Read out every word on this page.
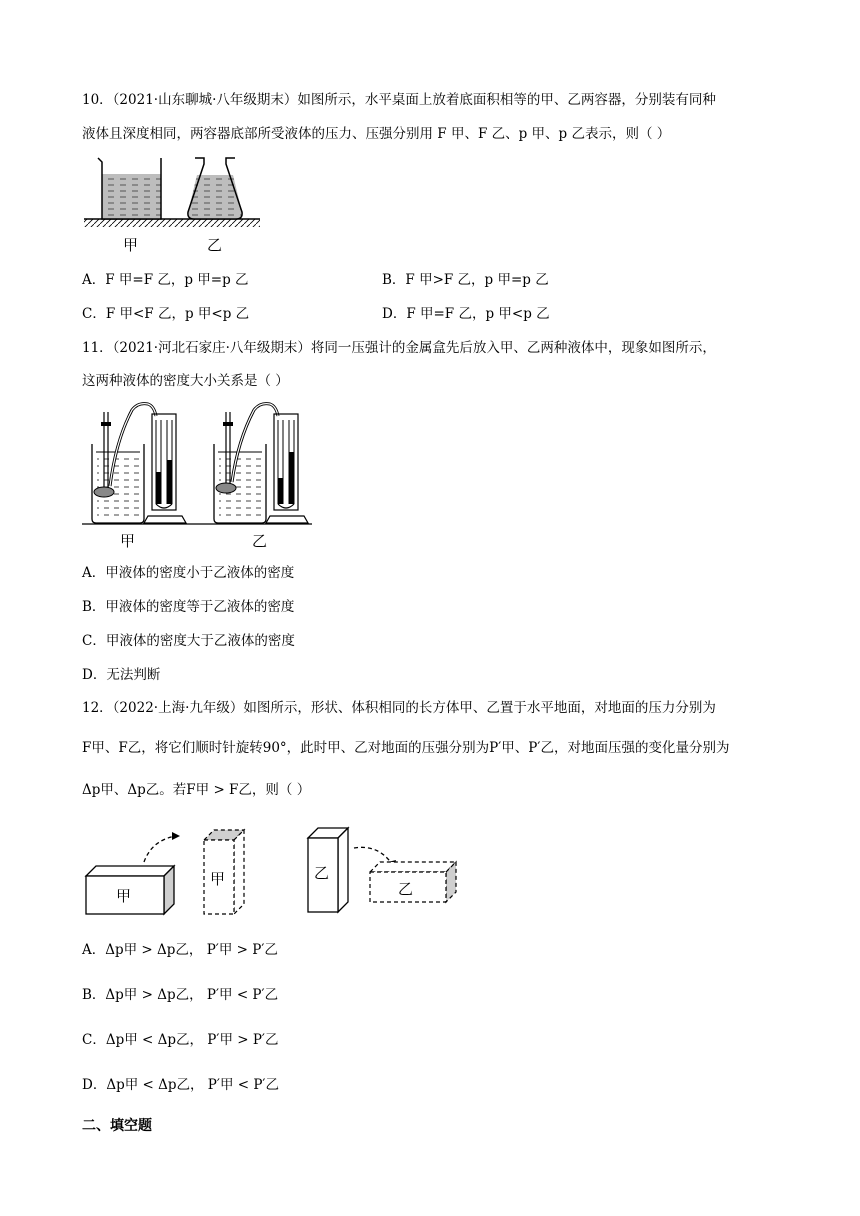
10．（2021·山东聊城·八年级期末）如图所示，水平桌面上放着底面积相等的甲、乙两容器，分别装有同种
液体且深度相同，两容器底部所受液体的压力、压强分别用 F 甲、F 乙、p 甲、p 乙表示，则（ ）
甲	乙
A．F 甲=F 乙，p 甲=p 乙	B．F 甲>F 乙，p 甲=p 乙
C．F 甲<F 乙，p 甲<p 乙	D．F 甲=F 乙，p 甲<p 乙
11．（2021·河北石家庄·八年级期末）将同一压强计的金属盒先后放入甲、乙两种液体中，现象如图所示，
这两种液体的密度大小关系是（ ）
甲	乙
A．甲液体的密度小于乙液体的密度
B．甲液体的密度等于乙液体的密度
C．甲液体的密度大于乙液体的密度
D．无法判断
12．（2022·上海·九年级）如图所示，形状、体积相同的长方体甲、乙置于水平地面，对地面的压力分别为
F甲、F乙，将它们顺时针旋转90°，此时甲、乙对地面的压强分别为P′甲、P′乙，对地面压强的变化量分别为
Δp甲、Δp乙。若F甲 > F乙，则（ ）
甲
甲	乙
乙
A．Δp甲 > Δp乙， P′甲 > P′乙
B．Δp甲 > Δp乙， P′甲 < P′乙
C．Δp甲 < Δp乙， P′甲 > P′乙
D．Δp甲 < Δp乙， P′甲 < P′乙
二、填空题
